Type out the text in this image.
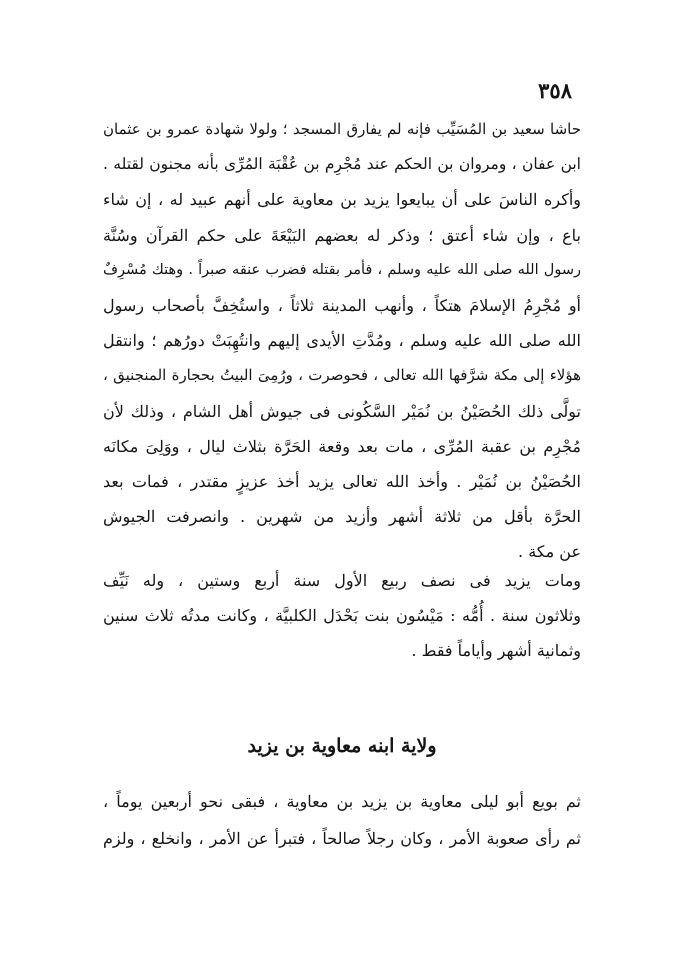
٣٥٨
حاشا سعيد بن المُسَيِّب فإنه لم يفارق المسجد ؛ ولولا شهادة عمرو بن عثمان
ابن عفان ، ومروان بن الحكم عند مُجْرِم بن عُقْبَة المُرِّى بأنه مجنون لقتله .
وأكره الناسَ على أن يبايعوا يزيد بن معاوية على أنهم عبيد له ، إن شاء
باع ، وإن شاء أعتق ؛ وذكر له بعضهم البَيْعَةَ على حكم القرآن وسُنَّة
رسول الله صلى الله عليه وسلم ، فأمر بقتله فضرب عنقه صبراً . وهتك مُسْرِفٌ
أو مُجْرِمُ الإسلامَ هتكاً ، وأنهب المدينة ثلاثاً ، واستُخِفَّ بأصحاب رسول
الله صلى الله عليه وسلم ، ومُدَّتِ الأيدى إليهم وانتُهِبَتْ دورُهم ؛ وانتقل
هؤلاء إلى مكة شرَّفها الله تعالى ، فحوصرت ، ورُمِىَ البيتُ بحجارة المنجنيق ،
تولَّى ذلك الحُصَيْنُ بن نُمَيْر السَّكُونى فى جيوش أهل الشام ، وذلك لأن
مُجْرِم بن عقبة المُرِّى ، مات بعد وقعة الحَرَّة بثلاث ليال ، ووَلِىَ مكانَه
الحُصَيْنُ بن نُمَيْر . وأخذ الله تعالى يزيد أخذ عزيزٍ مقتدر ، فمات بعد
الحرَّة بأقل من ثلاثة أشهر وأزيد من شهرين . وانصرفت الجيوش
عن مكة .
ومات يزيد فى نصف ربيع الأول سنة أربع وستين ، وله نَيِّف
وثلاثون سنة . أُمُّه : مَيْسُون بنت بَحْدَل الكلبيَّة ، وكانت مدتُه ثلاث سنين
وثمانية أشهر وأياماً فقط .
ولاية ابنه معاوية بن يزيد
ثم بويع أبو ليلى معاوية بن يزيد بن معاوية ، فبقى نحو أربعين يوماً ،
ثم رأى صعوبة الأمر ، وكان رجلاً صالحاً ، فتبرأ عن الأمر ، وانخلع ، ولزم
